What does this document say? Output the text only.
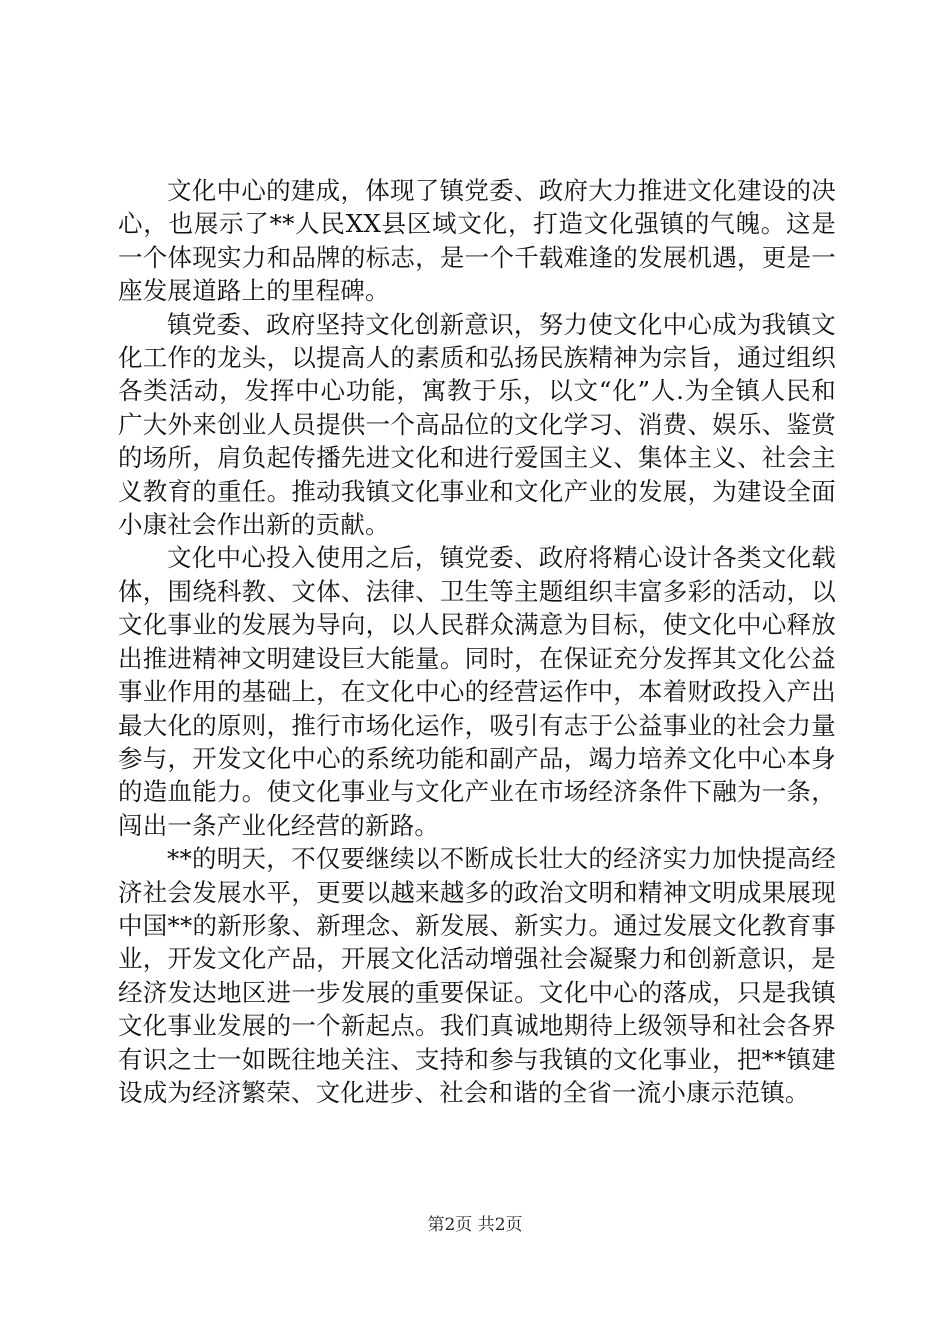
文化中心的建成，体现了镇党委、政府大力推进文化建设的决心，也展示了**人民XX县区域文化，打造文化强镇的气魄。这是一个体现实力和品牌的标志，是一个千载难逢的发展机遇，更是一座发展道路上的里程碑。

镇党委、政府坚持文化创新意识，努力使文化中心成为我镇文化工作的龙头，以提高人的素质和弘扬民族精神为宗旨，通过组织各类活动，发挥中心功能，寓教于乐，以文“化”人.为全镇人民和广大外来创业人员提供一个高品位的文化学习、消费、娱乐、鉴赏的场所，肩负起传播先进文化和进行爱国主义、集体主义、社会主义教育的重任。推动我镇文化事业和文化产业的发展，为建设全面小康社会作出新的贡献。

文化中心投入使用之后，镇党委、政府将精心设计各类文化载体，围绕科教、文体、法律、卫生等主题组织丰富多彩的活动，以文化事业的发展为导向，以人民群众满意为目标，使文化中心释放出推进精神文明建设巨大能量。同时，在保证充分发挥其文化公益事业作用的基础上，在文化中心的经营运作中，本着财政投入产出最大化的原则，推行市场化运作，吸引有志于公益事业的社会力量参与，开发文化中心的系统功能和副产品，竭力培养文化中心本身的造血能力。使文化事业与文化产业在市场经济条件下融为一条，闯出一条产业化经营的新路。

**的明天，不仅要继续以不断成长壮大的经济实力加快提高经济社会发展水平，更要以越来越多的政治文明和精神文明成果展现中国**的新形象、新理念、新发展、新实力。通过发展文化教育事业，开发文化产品，开展文化活动增强社会凝聚力和创新意识，是经济发达地区进一步发展的重要保证。文化中心的落成，只是我镇文化事业发展的一个新起点。我们真诚地期待上级领导和社会各界有识之士一如既往地关注、支持和参与我镇的文化事业，把**镇建设成为经济繁荣、文化进步、社会和谐的全省一流小康示范镇。

第2页 共2页
